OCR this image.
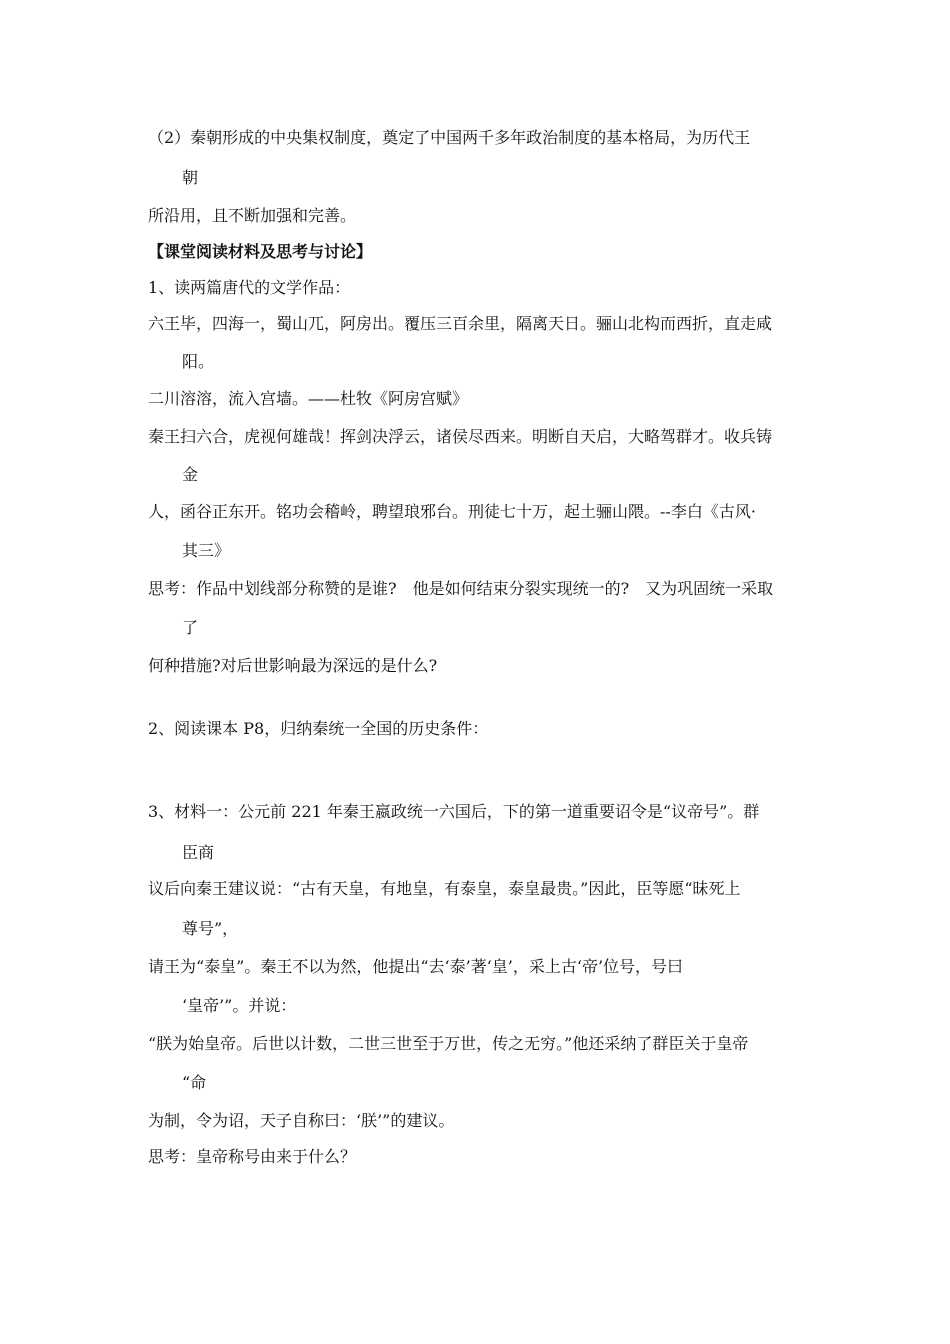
（2）秦朝形成的中央集权制度，奠定了中国两千多年政治制度的基本格局，为历代王
朝
所沿用，且不断加强和完善。
【课堂阅读材料及思考与讨论】
1、读两篇唐代的文学作品：
六王毕，四海一，蜀山兀，阿房出。覆压三百余里，隔离天日。骊山北构而西折，直走咸
阳。
二川溶溶，流入宫墙。——杜牧《阿房宫赋》
秦王扫六合，虎视何雄哉！挥剑决浮云，诸侯尽西来。明断自天启，大略驾群才。收兵铸
金
人，函谷正东开。铭功会稽岭，聘望琅邪台。刑徒七十万，起土骊山隈。--李白《古风·
其三》
思考：作品中划线部分称赞的是谁?　他是如何结束分裂实现统一的?　又为巩固统一采取
了
何种措施?对后世影响最为深远的是什么?
2、阅读课本 P8，归纳秦统一全国的历史条件：
3、材料一：公元前 221 年秦王嬴政统一六国后，下的第一道重要诏令是“议帝号”。群
臣商
议后向秦王建议说：“古有天皇，有地皇，有泰皇，泰皇最贵。”因此，臣等愿“昧死上
尊号”，
请王为“泰皇”。秦王不以为然，他提出“去‘泰’著‘皇’，采上古‘帝’位号，号曰
‘皇帝’”。并说：
“朕为始皇帝。后世以计数，二世三世至于万世，传之无穷。”他还采纳了群臣关于皇帝
“命
为制，令为诏，天子自称曰：‘朕’”的建议。
思考：皇帝称号由来于什么？
